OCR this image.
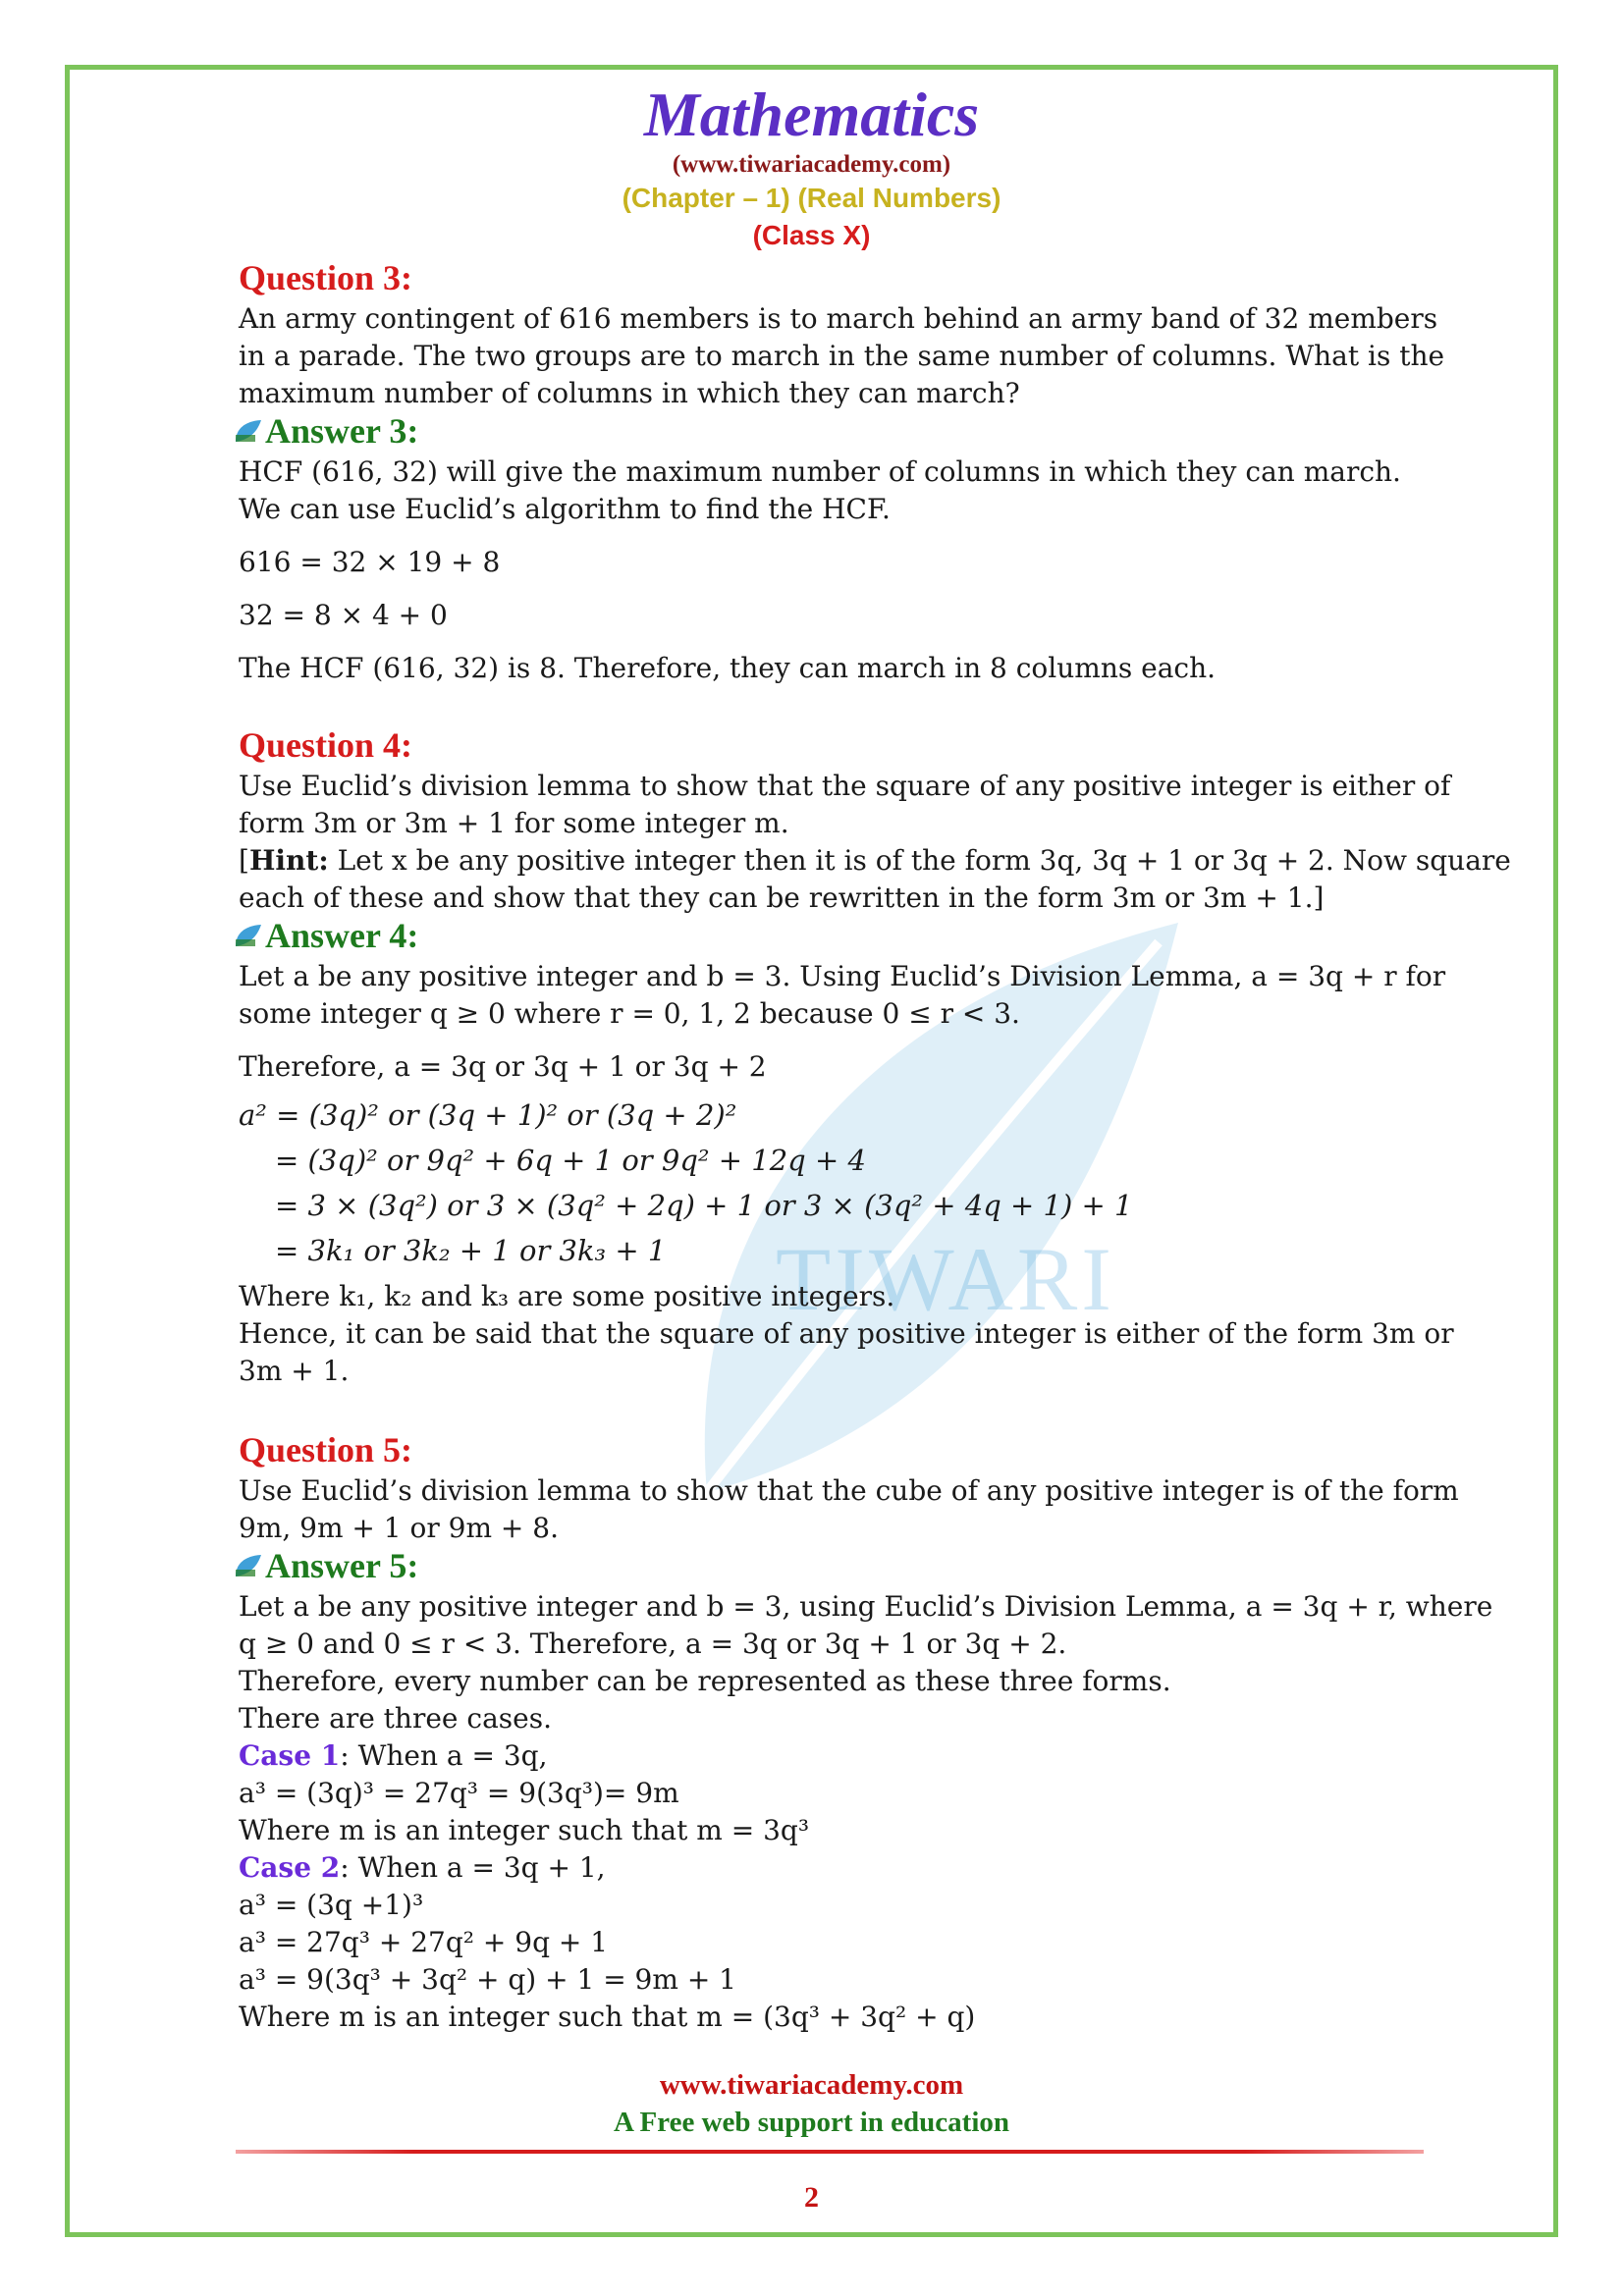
TIWARI
Mathematics
(www.tiwariacademy.com)
(Chapter – 1) (Real Numbers)
(Class X)
Question 3:
An army contingent of 616 members is to march behind an army band of 32 members
in a parade. The two groups are to march in the same number of columns. What is the
maximum number of columns in which they can march?
Answer 3:
HCF (616, 32) will give the maximum number of columns in which they can march.
We can use Euclid’s algorithm to find the HCF.
616 = 32 × 19 + 8
32 = 8 × 4 + 0
The HCF (616, 32) is 8. Therefore, they can march in 8 columns each.
Question 4:
Use Euclid’s division lemma to show that the square of any positive integer is either of
form 3m or 3m + 1 for some integer m.
[Hint: Let x be any positive integer then it is of the form 3q, 3q + 1 or 3q + 2. Now square
each of these and show that they can be rewritten in the form 3m or 3m + 1.]
Answer 4:
Let a be any positive integer and b = 3. Using Euclid’s Division Lemma, a = 3q + r for
some integer q ≥ 0 where r = 0, 1, 2 because 0 ≤ r < 3.
Therefore, a = 3q or 3q + 1 or 3q + 2
a² = (3q)² or (3q + 1)² or (3q + 2)²
= (3q)² or 9q² + 6q + 1 or 9q² + 12q + 4
= 3 × (3q²) or 3 × (3q² + 2q) + 1 or 3 × (3q² + 4q + 1) + 1
= 3k₁ or 3k₂ + 1 or 3k₃ + 1
Where k₁, k₂ and k₃ are some positive integers.
Hence, it can be said that the square of any positive integer is either of the form 3m or
3m + 1.
Question 5:
Use Euclid’s division lemma to show that the cube of any positive integer is of the form
9m, 9m + 1 or 9m + 8.
Answer 5:
Let a be any positive integer and b = 3, using Euclid’s Division Lemma, a = 3q + r, where
q ≥ 0 and 0 ≤ r < 3. Therefore, a = 3q or 3q + 1 or 3q + 2.
Therefore, every number can be represented as these three forms.
There are three cases.
Case 1: When a = 3q,
a³ = (3q)³ = 27q³ = 9(3q³)= 9m
Where m is an integer such that m = 3q³
Case 2: When a = 3q + 1,
a³ = (3q +1)³
a³ = 27q³ + 27q² + 9q + 1
a³ = 9(3q³ + 3q² + q) + 1 = 9m + 1
Where m is an integer such that m = (3q³ + 3q² + q)
www.tiwariacademy.com
A Free web support in education
2
